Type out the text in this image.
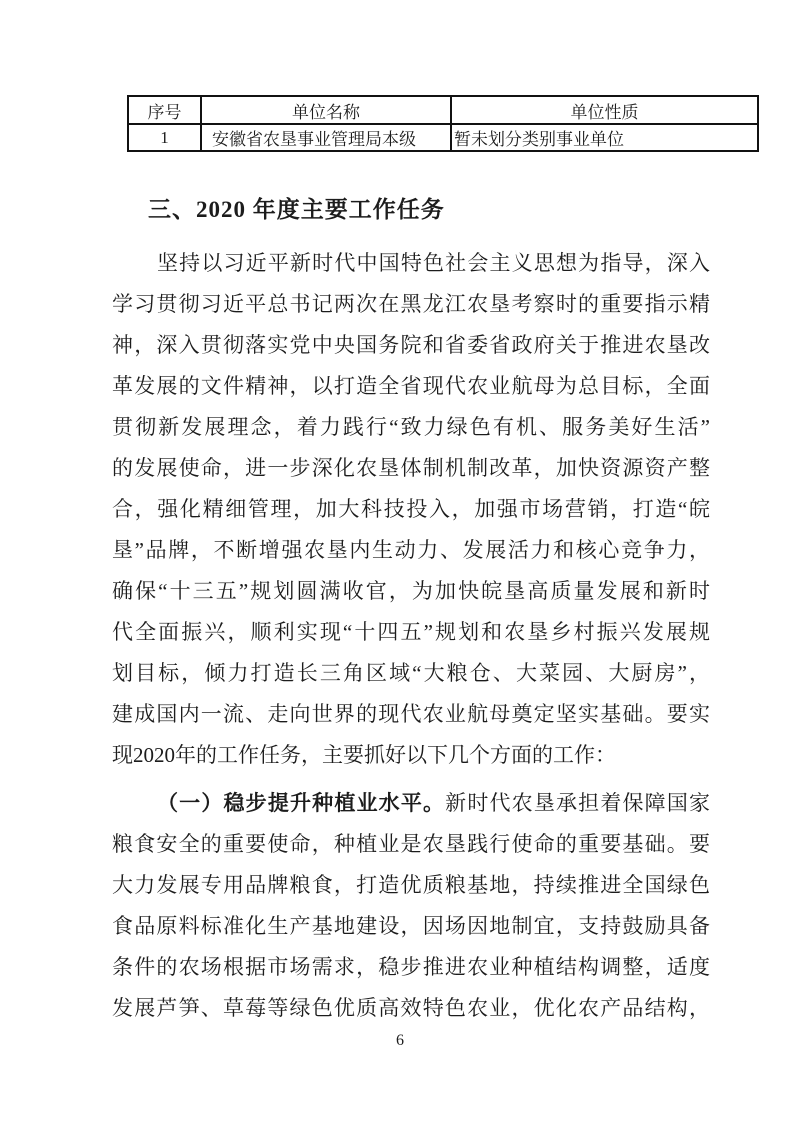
序号	单位名称	单位性质
1	安徽省农垦事业管理局本级	暂未划分类别事业单位
三、2020 年度主要工作任务
坚持以习近平新时代中国特色社会主义思想为指导，深入
学习贯彻习近平总书记两次在黑龙江农垦考察时的重要指示精
神，深入贯彻落实党中央国务院和省委省政府关于推进农垦改
革发展的文件精神，以打造全省现代农业航母为总目标，全面
贯彻新发展理念，着力践行“致力绿色有机、服务美好生活”
的发展使命，进一步深化农垦体制机制改革，加快资源资产整
合，强化精细管理，加大科技投入，加强市场营销，打造“皖
垦”品牌，不断增强农垦内生动力、发展活力和核心竞争力，
确保“十三五”规划圆满收官，为加快皖垦高质量发展和新时
代全面振兴，顺利实现“十四五”规划和农垦乡村振兴发展规
划目标，倾力打造长三角区域“大粮仓、大菜园、大厨房”，
建成国内一流、走向世界的现代农业航母奠定坚实基础。要实
现2020年的工作任务，主要抓好以下几个方面的工作：
（一）稳步提升种植业水平。新时代农垦承担着保障国家
粮食安全的重要使命，种植业是农垦践行使命的重要基础。要
大力发展专用品牌粮食，打造优质粮基地，持续推进全国绿色
食品原料标准化生产基地建设，因场因地制宜，支持鼓励具备
条件的农场根据市场需求，稳步推进农业种植结构调整，适度
发展芦笋、草莓等绿色优质高效特色农业，优化农产品结构，
6
